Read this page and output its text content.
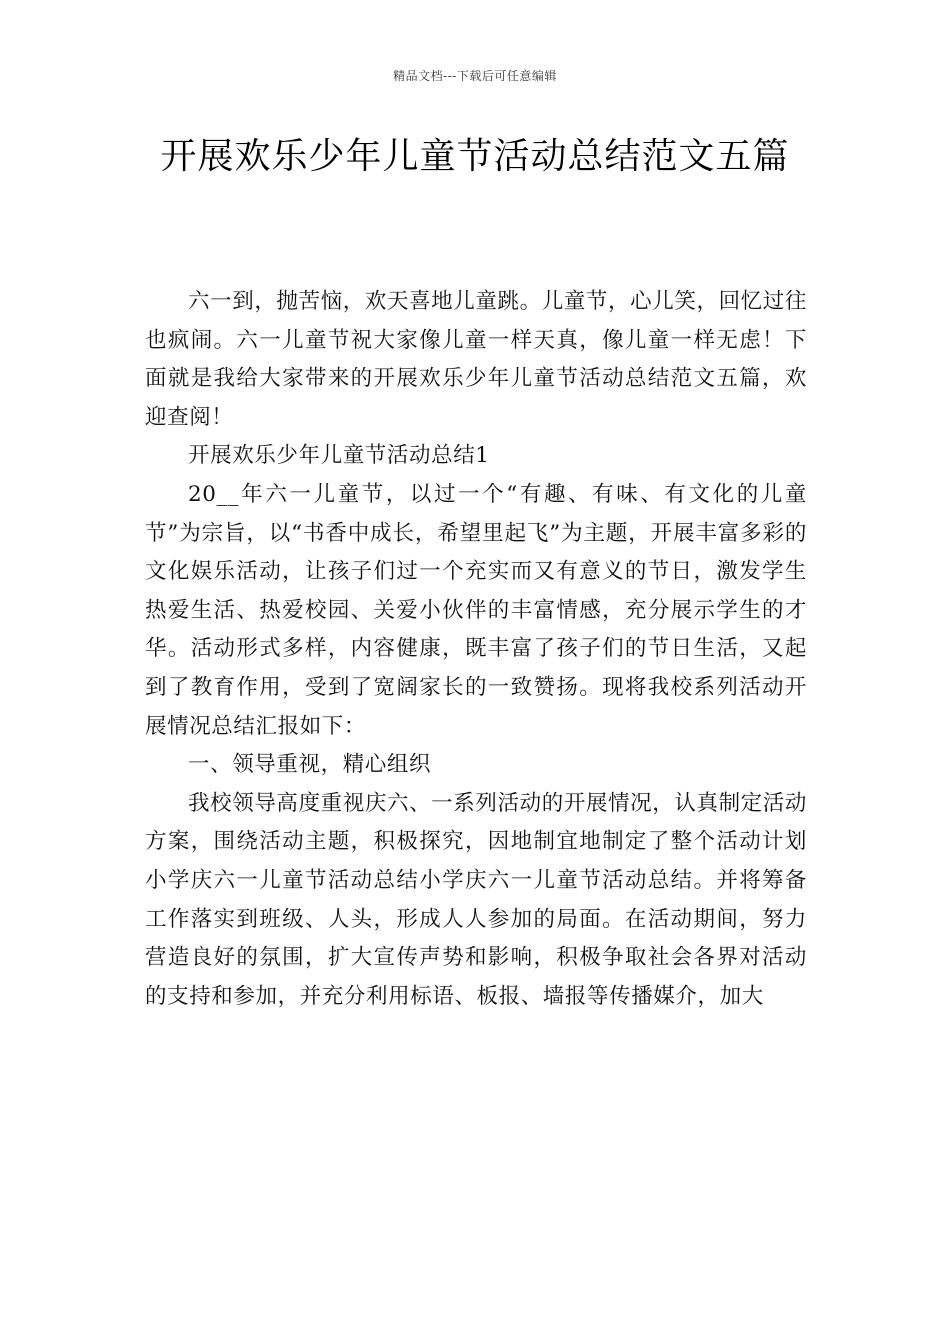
精品文档---下载后可任意编辑
开展欢乐少年儿童节活动总结范文五篇

六一到，抛苦恼，欢天喜地儿童跳。儿童节，心儿笑，回忆过往也疯闹。六一儿童节祝大家像儿童一样天真，像儿童一样无虑！下面就是我给大家带来的开展欢乐少年儿童节活动总结范文五篇，欢迎查阅！

开展欢乐少年儿童节活动总结1

20__年六一儿童节，以过一个“有趣、有味、有文化的儿童节”为宗旨，以“书香中成长，希望里起飞”为主题，开展丰富多彩的文化娱乐活动，让孩子们过一个充实而又有意义的节日，激发学生热爱生活、热爱校园、关爱小伙伴的丰富情感，充分展示学生的才华。活动形式多样，内容健康，既丰富了孩子们的节日生活，又起到了教育作用，受到了宽阔家长的一致赞扬。现将我校系列活动开展情况总结汇报如下：

一、领导重视，精心组织

我校领导高度重视庆六、一系列活动的开展情况，认真制定活动方案，围绕活动主题，积极探究，因地制宜地制定了整个活动计划小学庆六一儿童节活动总结小学庆六一儿童节活动总结。并将筹备工作落实到班级、人头，形成人人参加的局面。在活动期间，努力营造良好的氛围，扩大宣传声势和影响，积极争取社会各界对活动的支持和参加，并充分利用标语、板报、墙报等传播媒介，加大
